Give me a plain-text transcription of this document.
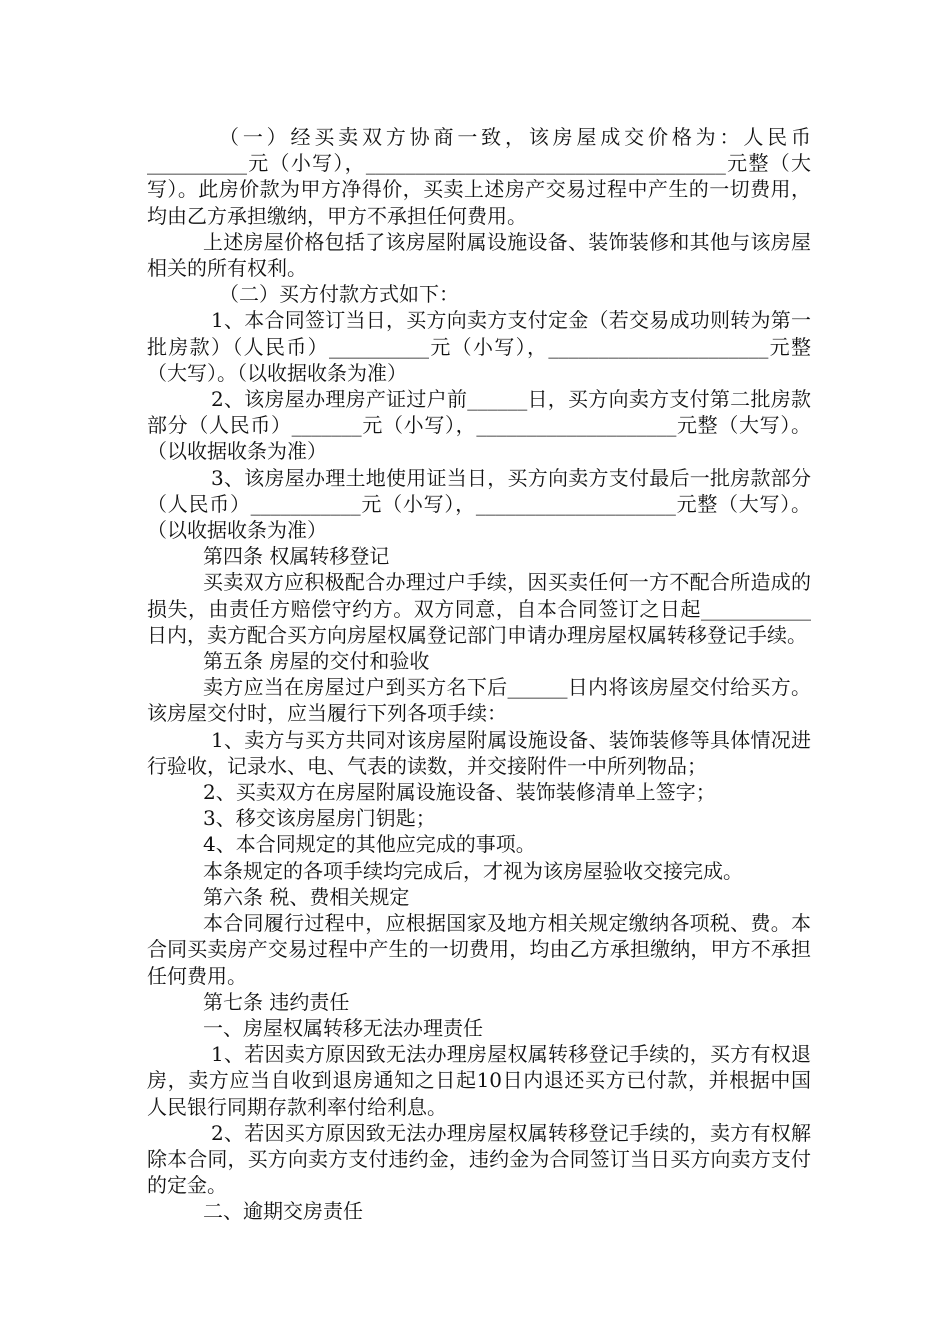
（一）经买卖双方协商一致，该房屋成交价格为：人民币__________元（小写），____________________________________元整（大写）。此房价款为甲方净得价，买卖上述房产交易过程中产生的一切费用，均由乙方承担缴纳，甲方不承担任何费用。

上述房屋价格包括了该房屋附属设施设备、装饰装修和其他与该房屋相关的所有权利。

（二）买方付款方式如下：

1、本合同签订当日，买方向卖方支付定金（若交易成功则转为第一批房款）（人民币）__________元（小写），______________________元整（大写）。（以收据收条为准）

2、该房屋办理房产证过户前______日，买方向卖方支付第二批房款部分（人民币）_______元（小写），____________________元整（大写）。（以收据收条为准）

3、该房屋办理土地使用证当日，买方向卖方支付最后一批房款部分（人民币）___________元（小写），____________________元整（大写）。（以收据收条为准）

第四条 权属转移登记

买卖双方应积极配合办理过户手续，因买卖任何一方不配合所造成的损失，由责任方赔偿守约方。双方同意，自本合同签订之日起___________日内，卖方配合买方向房屋权属登记部门申请办理房屋权属转移登记手续。

第五条 房屋的交付和验收

卖方应当在房屋过户到买方名下后______日内将该房屋交付给买方。该房屋交付时，应当履行下列各项手续：

1、卖方与买方共同对该房屋附属设施设备、装饰装修等具体情况进行验收，记录水、电、气表的读数，并交接附件一中所列物品；

2、买卖双方在房屋附属设施设备、装饰装修清单上签字；

3、移交该房屋房门钥匙；

4、本合同规定的其他应完成的事项。

本条规定的各项手续均完成后，才视为该房屋验收交接完成。

第六条 税、费相关规定

本合同履行过程中，应根据国家及地方相关规定缴纳各项税、费。本合同买卖房产交易过程中产生的一切费用，均由乙方承担缴纳，甲方不承担任何费用。

第七条 违约责任

一、房屋权属转移无法办理责任

1、若因卖方原因致无法办理房屋权属转移登记手续的，买方有权退房，卖方应当自收到退房通知之日起10日内退还买方已付款，并根据中国人民银行同期存款利率付给利息。

2、若因买方原因致无法办理房屋权属转移登记手续的，卖方有权解除本合同，买方向卖方支付违约金，违约金为合同签订当日买方向卖方支付的定金。

二、逾期交房责任
